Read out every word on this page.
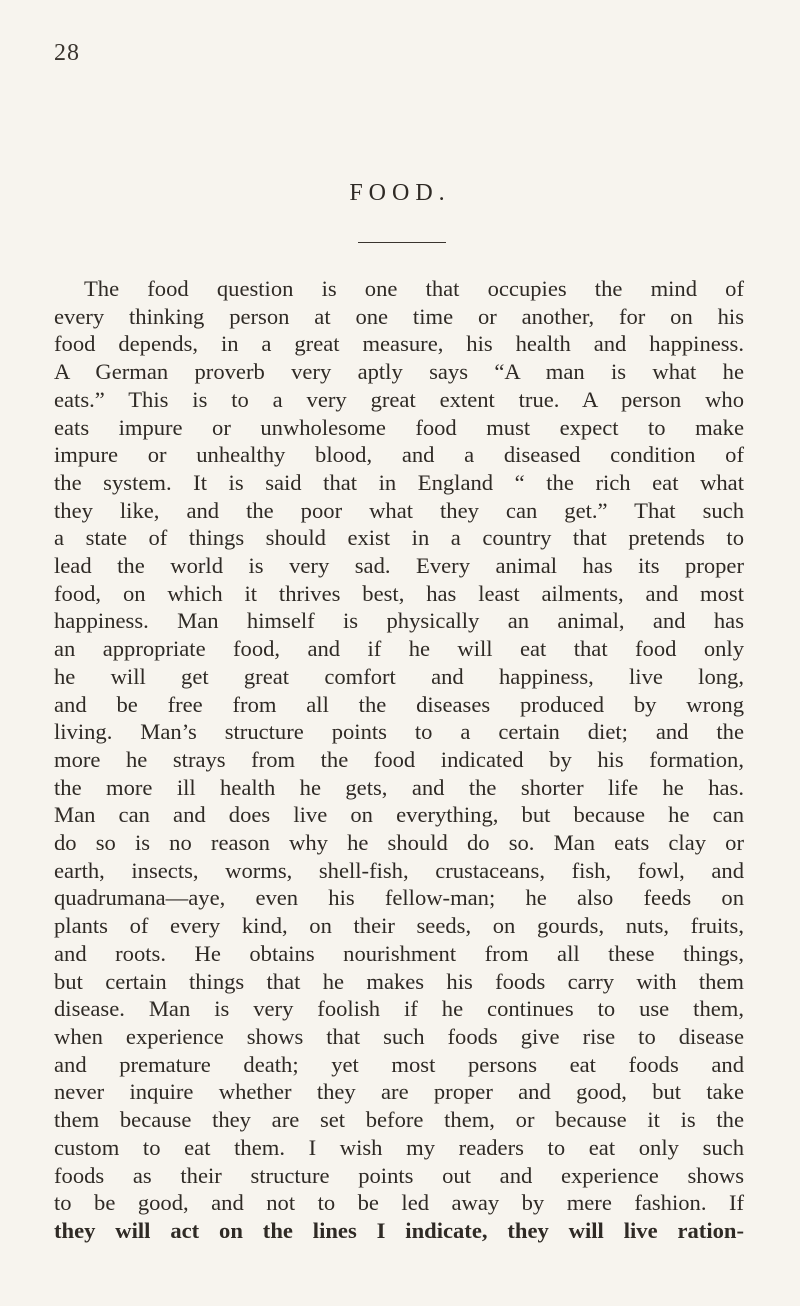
28
FOOD.
The food question is one that occupies the mind of
every thinking person at one time or another, for on his
food depends, in a great measure, his health and happiness.
A German proverb very aptly says “A man is what he
eats.” This is to a very great extent true. A person who
eats impure or unwholesome food must expect to make
impure or unhealthy blood, and a diseased condition of
the system. It is said that in England “ the rich eat what
they like, and the poor what they can get.” That such
a state of things should exist in a country that pretends to
lead the world is very sad. Every animal has its proper
food, on which it thrives best, has least ailments, and most
happiness. Man himself is physically an animal, and has
an appropriate food, and if he will eat that food only
he will get great comfort and happiness, live long,
and be free from all the diseases produced by wrong
living. Man’s structure points to a certain diet; and the
more he strays from the food indicated by his formation,
the more ill health he gets, and the shorter life he has.
Man can and does live on everything, but because he can
do so is no reason why he should do so. Man eats clay or
earth, insects, worms, shell-fish, crustaceans, fish, fowl, and
quadrumana—aye, even his fellow-man; he also feeds on
plants of every kind, on their seeds, on gourds, nuts, fruits,
and roots. He obtains nourishment from all these things,
but certain things that he makes his foods carry with them
disease. Man is very foolish if he continues to use them,
when experience shows that such foods give rise to disease
and premature death; yet most persons eat foods and
never inquire whether they are proper and good, but take
them because they are set before them, or because it is the
custom to eat them. I wish my readers to eat only such
foods as their structure points out and experience shows
to be good, and not to be led away by mere fashion. If
they will act on the lines I indicate, they will live ration-
